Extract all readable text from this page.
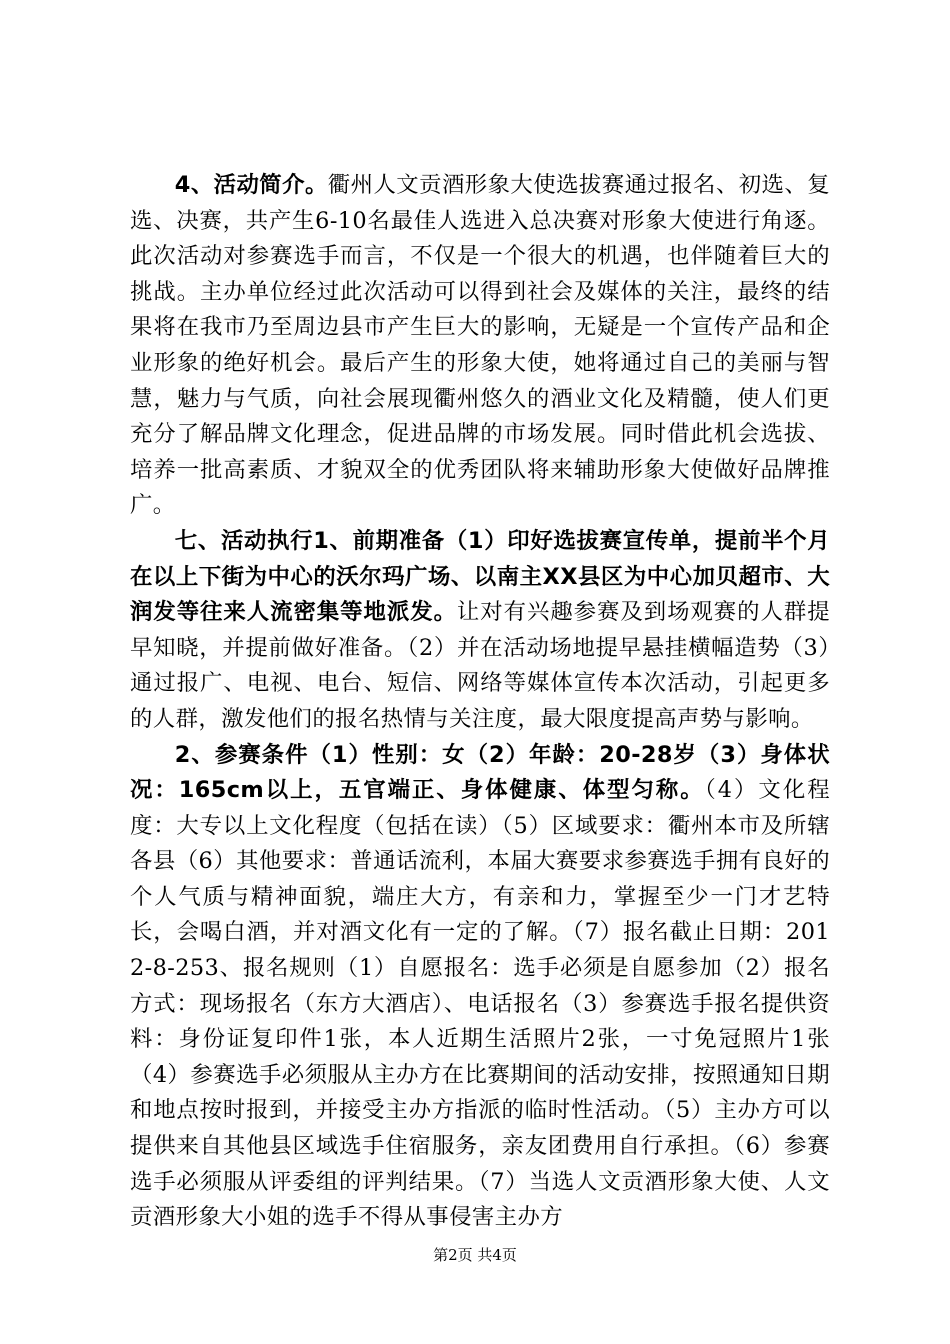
4、活动简介。衢州人文贡酒形象大使选拔赛通过报名、初选、复选、决赛，共产生6-10名最佳人选进入总决赛对形象大使进行角逐。此次活动对参赛选手而言，不仅是一个很大的机遇，也伴随着巨大的挑战。主办单位经过此次活动可以得到社会及媒体的关注，最终的结果将在我市乃至周边县市产生巨大的影响，无疑是一个宣传产品和企业形象的绝好机会。最后产生的形象大使，她将通过自己的美丽与智慧，魅力与气质，向社会展现衢州悠久的酒业文化及精髓，使人们更充分了解品牌文化理念，促进品牌的市场发展。同时借此机会选拔、培养一批高素质、才貌双全的优秀团队将来辅助形象大使做好品牌推广。

七、活动执行1、前期准备（1）印好选拔赛宣传单，提前半个月在以上下街为中心的沃尔玛广场、以南主XX县区为中心加贝超市、大润发等往来人流密集等地派发。让对有兴趣参赛及到场观赛的人群提早知晓，并提前做好准备。（2）并在活动场地提早悬挂横幅造势（3）通过报广、电视、电台、短信、网络等媒体宣传本次活动，引起更多的人群，激发他们的报名热情与关注度，最大限度提高声势与影响。

2、参赛条件（1）性别：女（2）年龄：20-28岁（3）身体状况：165cm以上，五官端正、身体健康、体型匀称。（4）文化程度：大专以上文化程度（包括在读）（5）区域要求：衢州本市及所辖各县（6）其他要求：普通话流利，本届大赛要求参赛选手拥有良好的个人气质与精神面貌，端庄大方，有亲和力，掌握至少一门才艺特长，会喝白酒，并对酒文化有一定的了解。（7）报名截止日期：2012-8-253、报名规则（1）自愿报名：选手必须是自愿参加（2）报名方式：现场报名（东方大酒店）、电话报名（3）参赛选手报名提供资料：身份证复印件1张，本人近期生活照片2张，一寸免冠照片1张（4）参赛选手必须服从主办方在比赛期间的活动安排，按照通知日期和地点按时报到，并接受主办方指派的临时性活动。（5）主办方可以提供来自其他县区域选手住宿服务，亲友团费用自行承担。（6）参赛选手必须服从评委组的评判结果。（7）当选人文贡酒形象大使、人文贡酒形象大小姐的选手不得从事侵害主办方

第2页 共4页
